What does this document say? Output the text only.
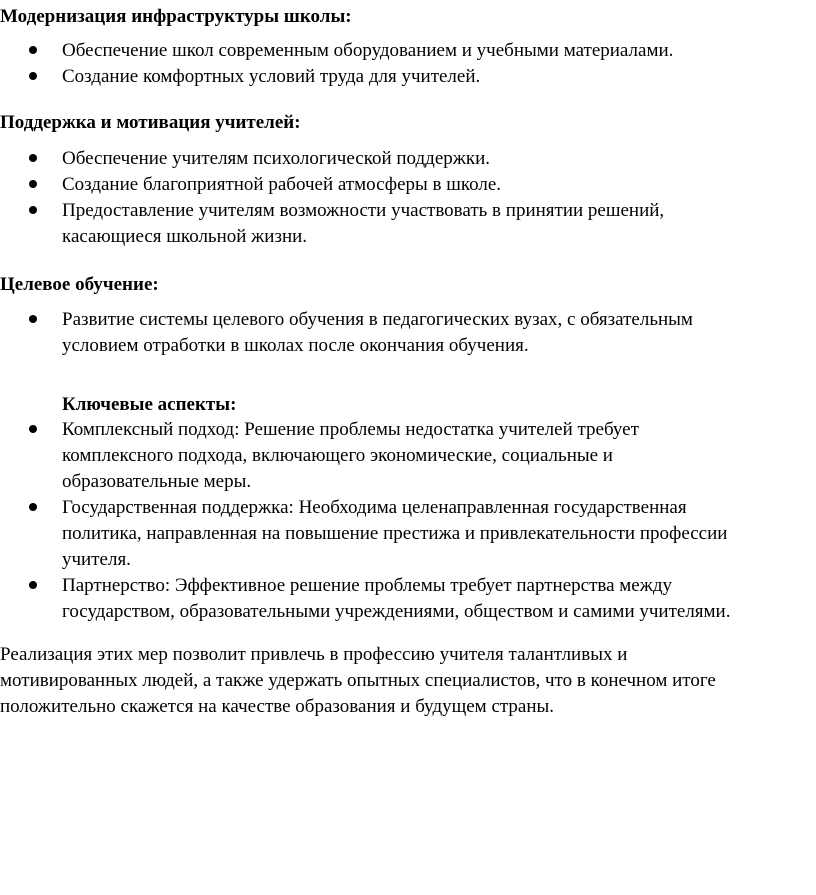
Модернизация инфраструктуры школы:
Обеспечение школ современным оборудованием и учебными материалами.
Создание комфортных условий труда для учителей.
Поддержка и мотивация учителей:
Обеспечение учителям психологической поддержки.
Создание благоприятной рабочей атмосферы в школе.
Предоставление учителям возможности участвовать в принятии решений,
касающиеся школьной жизни.
Целевое обучение:
Развитие системы целевого обучения в педагогических вузах, с обязательным
условием отработки в школах после окончания обучения.
Ключевые аспекты:
Комплексный подход: Решение проблемы недостатка учителей требует
комплексного подхода, включающего экономические, социальные и
образовательные меры.
Государственная поддержка: Необходима целенаправленная государственная
политика, направленная на повышение престижа и привлекательности профессии
учителя.
Партнерство: Эффективное решение проблемы требует партнерства между
государством, образовательными учреждениями, обществом и самими учителями.
Реализация этих мер позволит привлечь в профессию учителя талантливых и
мотивированных людей, а также удержать опытных специалистов, что в конечном итоге
положительно скажется на качестве образования и будущем страны.
